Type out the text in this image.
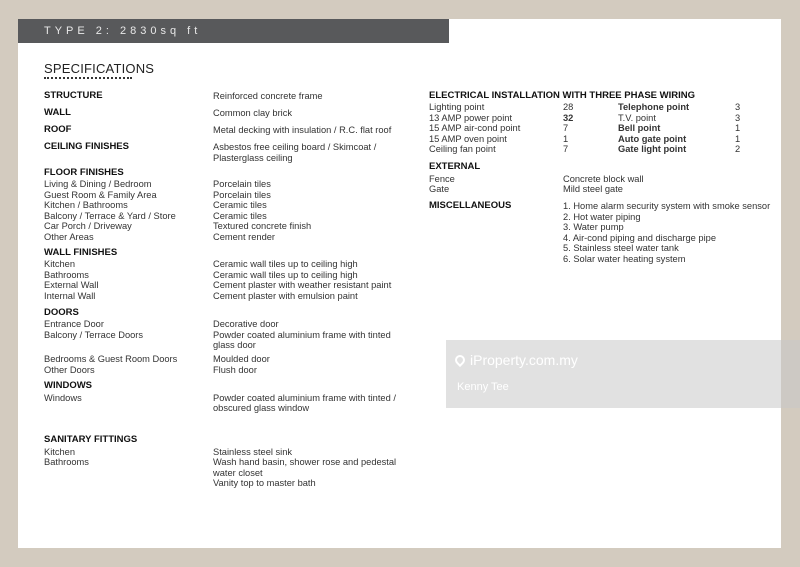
TYPE 2: 2830sq ft
SPECIFICATIONS
STRUCTURE	Reinforced concrete frame
WALL	Common clay brick
ROOF	Metal decking with insulation / R.C. flat roof
CEILING FINISHES	Asbestos free ceiling board / Skimcoat /
Plasterglass ceiling
FLOOR FINISHES
Living & Dining / Bedroom	Porcelain tiles
Guest Room & Family Area	Porcelain tiles
Kitchen / Bathrooms	Ceramic tiles
Balcony / Terrace & Yard / Store	Ceramic tiles
Car Porch / Driveway	Textured concrete finish
Other Areas	Cement render
WALL FINISHES
Kitchen	Ceramic wall tiles up to ceiling high
Bathrooms	Ceramic wall tiles up to ceiling high
External Wall	Cement plaster with weather resistant paint
Internal Wall	Cement plaster with emulsion paint
DOORS
Entrance Door	Decorative door
Balcony / Terrace Doors	Powder coated aluminium frame with tinted
glass door
Bedrooms & Guest Room Doors	Moulded door
Other Doors	Flush door
WINDOWS
Windows	Powder coated aluminium frame with tinted /
obscured glass window
SANITARY FITTINGS
Kitchen	Stainless steel sink
Bathrooms	Wash hand basin, shower rose and pedestal
water closet
Vanity top to master bath
ELECTRICAL INSTALLATION WITH THREE PHASE WIRING
Lighting point	28	Telephone point	3
13 AMP power point	32	T.V. point	3
15 AMP air-cond point	7	Bell point	1
15 AMP oven point	1	Auto gate point	1
Ceiling fan point	7	Gate light point	2
EXTERNAL
Fence	Concrete block wall
Gate	Mild steel gate
MISCELLANEOUS	1. Home alarm security system with smoke sensor
2. Hot water piping
3. Water pump
4. Air-cond piping and discharge pipe
5. Stainless steel water tank
6. Solar water heating system
iProperty.com.my
Kenny Tee
